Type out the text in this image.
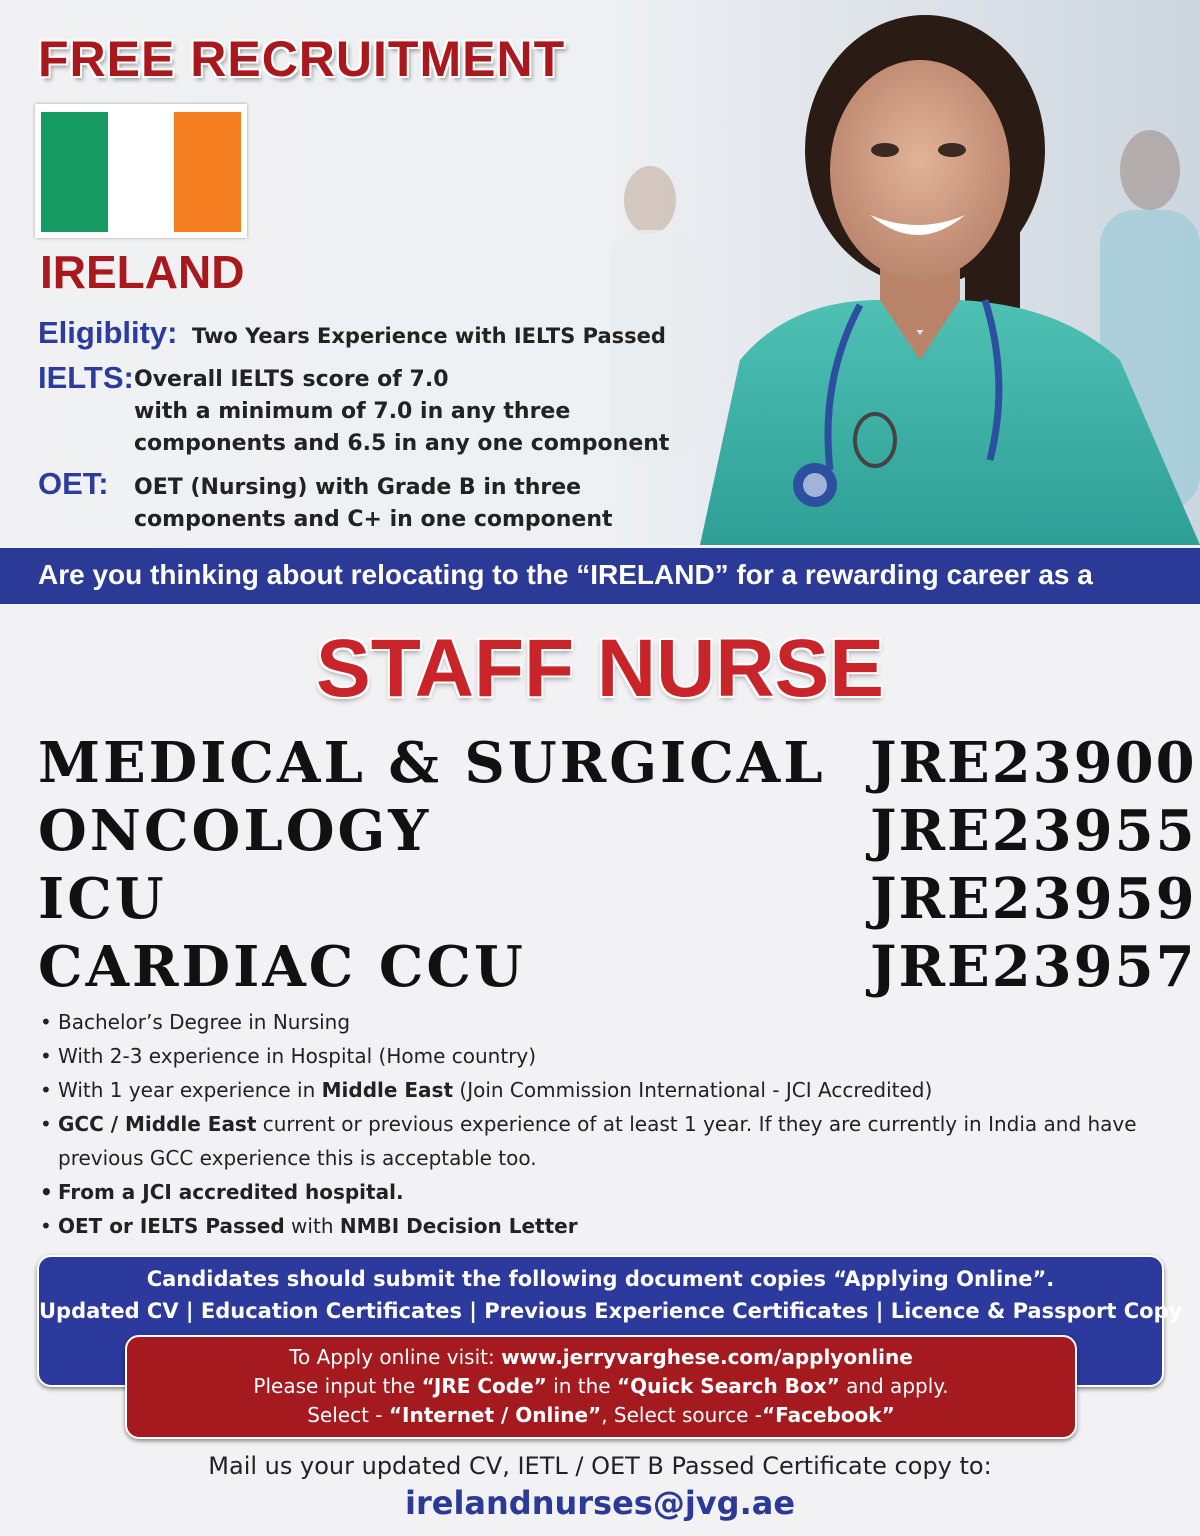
FREE RECRUITMENT
IRELAND
Eligiblity: Two Years Experience with IELTS Passed
IELTS: Overall IELTS score of 7.0
with a minimum of 7.0 in any three
components and 6.5 in any one component
OET: OET (Nursing) with Grade B in three
components and C+ in one component
Are you thinking about relocating to the “IRELAND” for a rewarding career as a
STAFF NURSE
MEDICAL & SURGICAL JRE23900
ONCOLOGY	JRE23955
ICU	JRE23959
CARDIAC CCU	JRE23957
• Bachelor’s Degree in Nursing
• With 2-3 experience in Hospital (Home country)
• With 1 year experience in Middle East (Join Commission International - JCI Accredited)
• GCC / Middle East current or previous experience of at least 1 year. If they are currently in India and have
previous GCC experience this is acceptable too.
• From a JCI accredited hospital.
• OET or IELTS Passed with NMBI Decision Letter
Candidates should submit the following document copies “Applying Online”.
Updated CV | Education Certificates | Previous Experience Certificates | Licence & Passport Copy
To Apply online visit: www.jerryvarghese.com/applyonline
Please input the “JRE Code” in the “Quick Search Box” and apply.
Select - “Internet / Online”, Select source -“Facebook”
Mail us your updated CV, IETL / OET B Passed Certificate copy to:
irelandnurses@jvg.ae
